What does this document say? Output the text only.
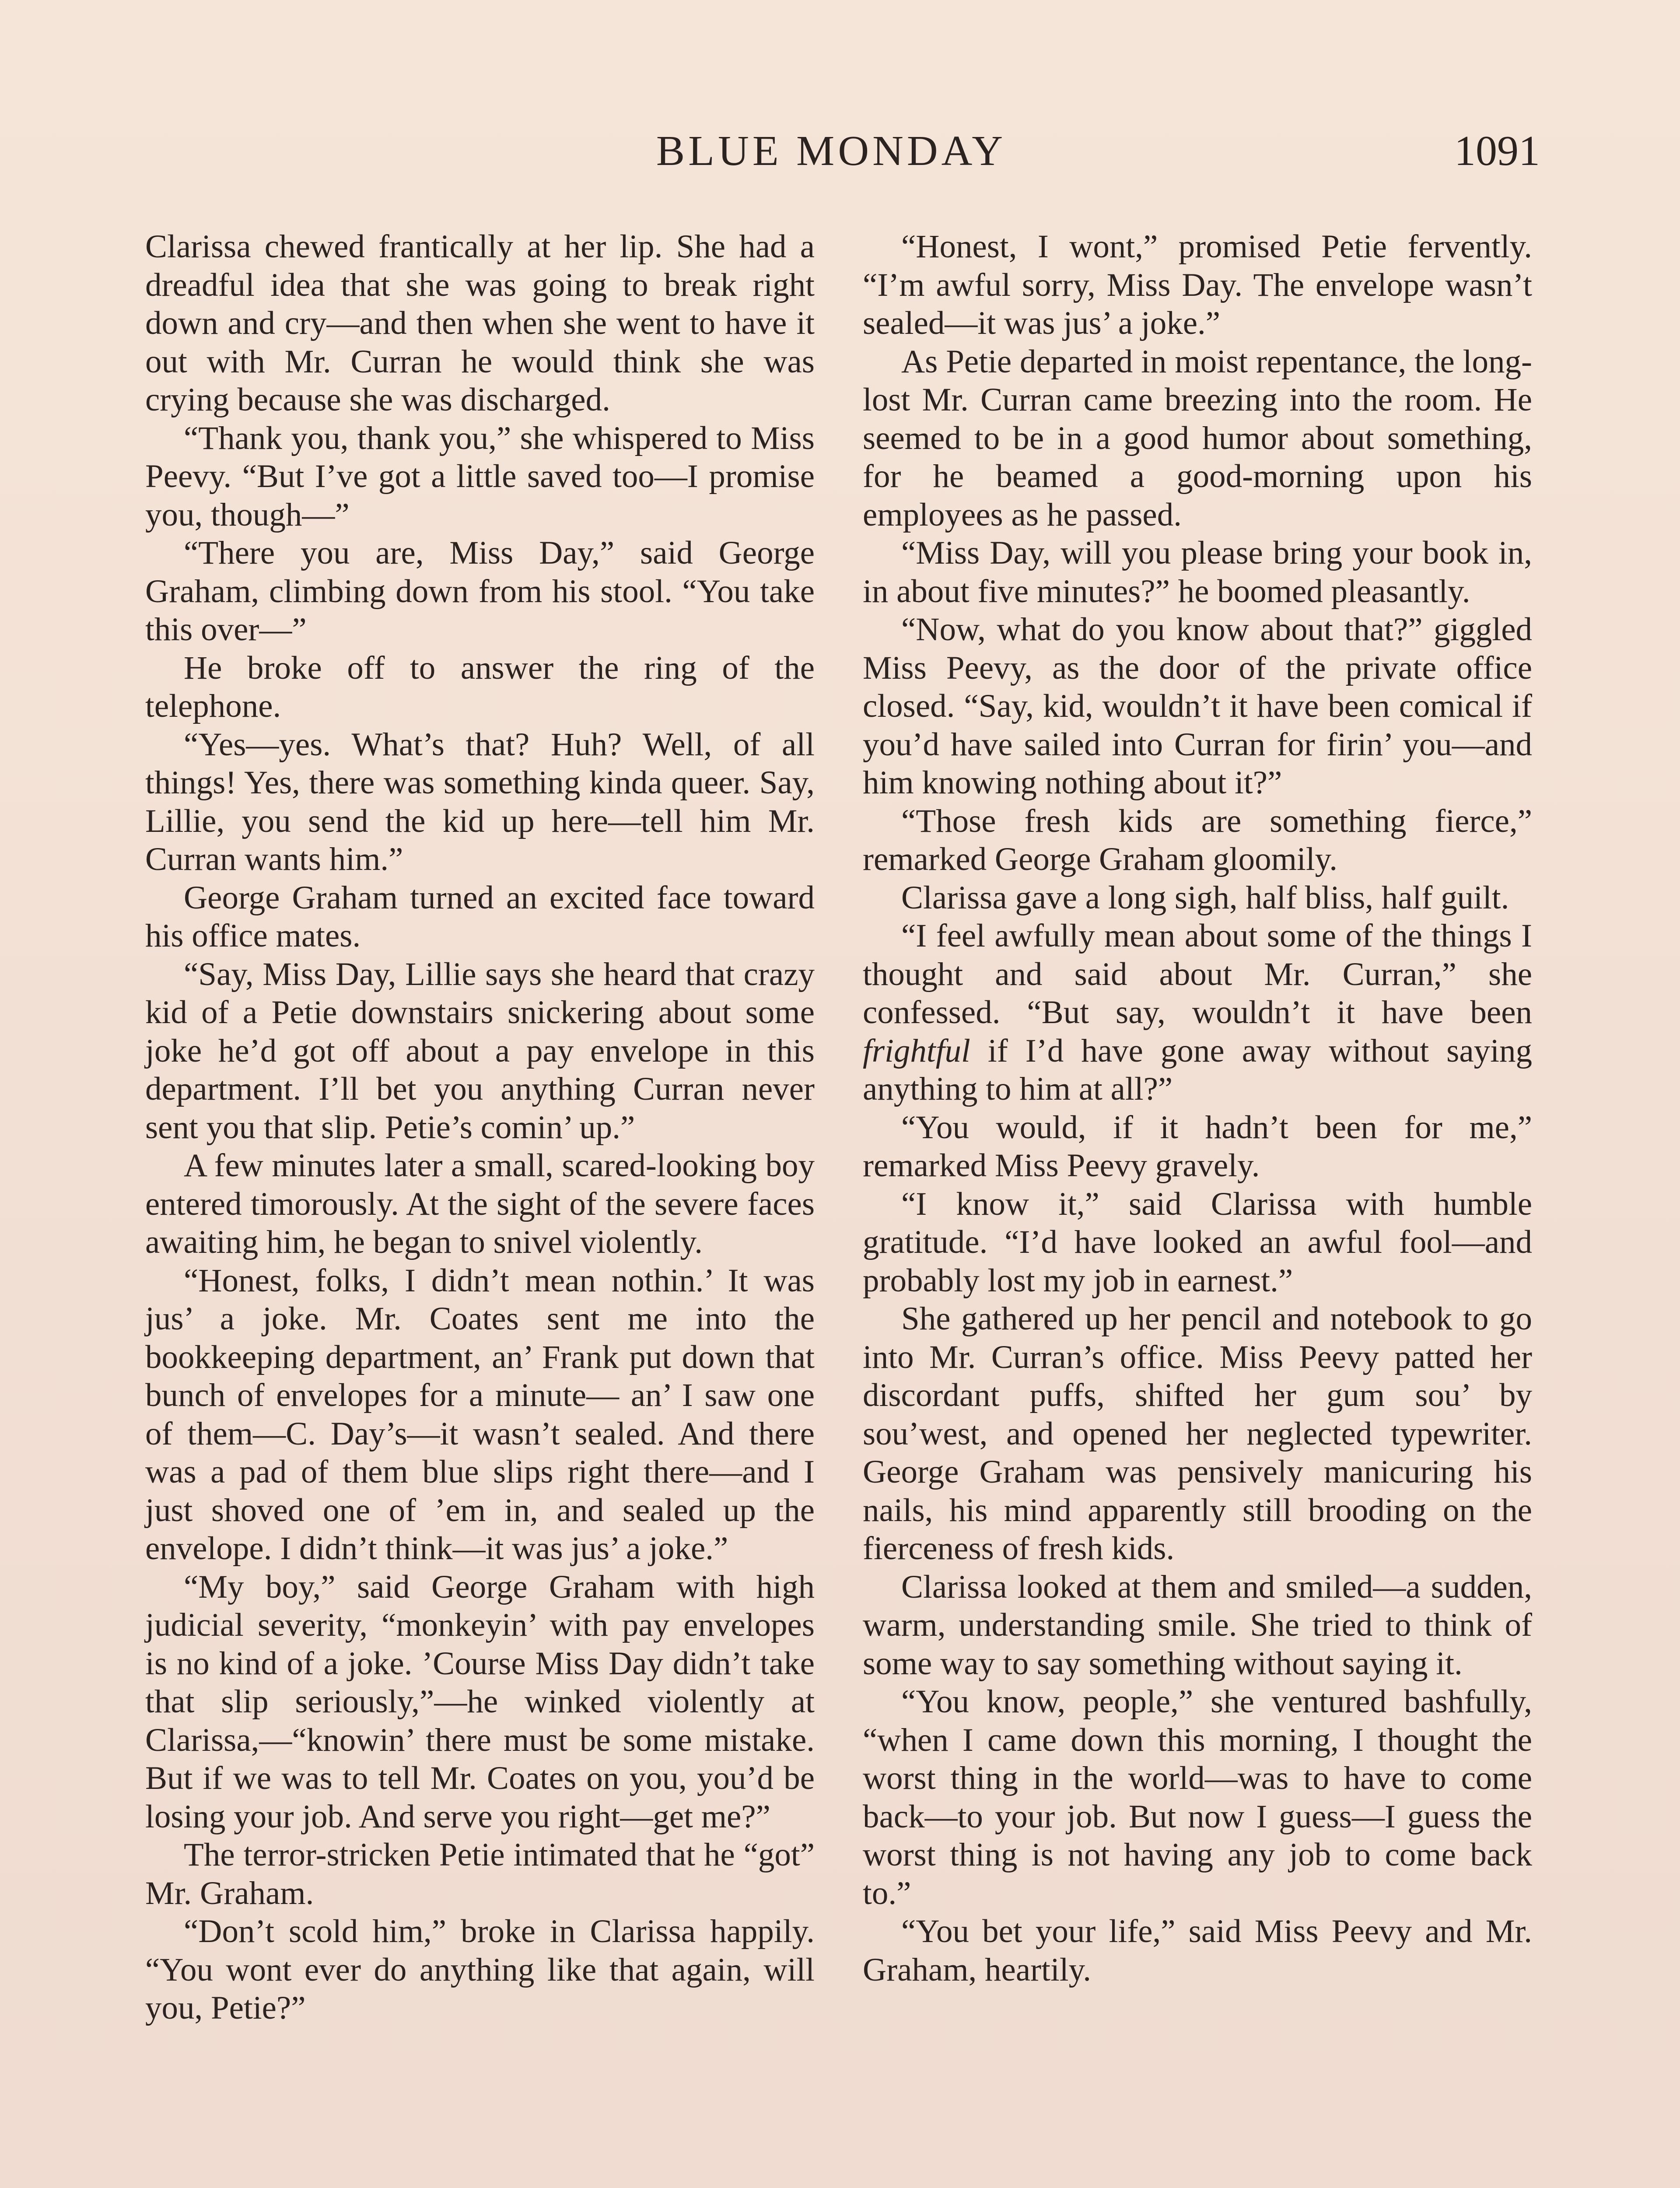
BLUE MONDAY	1091

Clarissa chewed frantically at her lip. She had a dreadful idea that she was going to break right down and cry—and then when she went to have it out with Mr. Curran he would think she was crying because she was discharged.

“Thank you, thank you,” she whispered to Miss Peevy. “But I’ve got a little saved too—I promise you, though—”

“There you are, Miss Day,” said George Graham, climbing down from his stool. “You take this over—”

He broke off to answer the ring of the telephone.

“Yes—yes. What’s that? Huh? Well, of all things! Yes, there was something kinda queer. Say, Lillie, you send the kid up here—tell him Mr. Curran wants him.”

George Graham turned an excited face toward his office mates.

“Say, Miss Day, Lillie says she heard that crazy kid of a Petie downstairs snickering about some joke he’d got off about a pay envelope in this department. I’ll bet you anything Curran never sent you that slip. Petie’s comin’ up.”

A few minutes later a small, scared-looking boy entered timorously. At the sight of the severe faces awaiting him, he began to snivel violently.

“Honest, folks, I didn’t mean nothin.’ It was jus’ a joke. Mr. Coates sent me into the bookkeeping department, an’ Frank put down that bunch of envelopes for a minute— an’ I saw one of them—C. Day’s—it wasn’t sealed. And there was a pad of them blue slips right there—and I just shoved one of ’em in, and sealed up the envelope. I didn’t think—it was jus’ a joke.”

“My boy,” said George Graham with high judicial severity, “monkeyin’ with pay envelopes is no kind of a joke. ’Course Miss Day didn’t take that slip seriously,”—he winked violently at Clarissa,—“knowin’ there must be some mistake. But if we was to tell Mr. Coates on you, you’d be losing your job. And serve you right—get me?”

The terror-stricken Petie intimated that he “got” Mr. Graham.

“Don’t scold him,” broke in Clarissa happily. “You wont ever do anything like that again, will you, Petie?”

“Honest, I wont,” promised Petie fervently. “I’m awful sorry, Miss Day. The envelope wasn’t sealed—it was jus’ a joke.”

As Petie departed in moist repentance, the long-lost Mr. Curran came breezing into the room. He seemed to be in a good humor about something, for he beamed a good-morning upon his employees as he passed.

“Miss Day, will you please bring your book in, in about five minutes?” he boomed pleasantly.

“Now, what do you know about that?” giggled Miss Peevy, as the door of the private office closed. “Say, kid, wouldn’t it have been comical if you’d have sailed into Curran for firin’ you—and him knowing nothing about it?”

“Those fresh kids are something fierce,” remarked George Graham gloomily.

Clarissa gave a long sigh, half bliss, half guilt.

“I feel awfully mean about some of the things I thought and said about Mr. Curran,” she confessed. “But say, wouldn’t it have been frightful if I’d have gone away without saying anything to him at all?”

“You would, if it hadn’t been for me,” remarked Miss Peevy gravely.

“I know it,” said Clarissa with humble gratitude. “I’d have looked an awful fool—and probably lost my job in earnest.”

She gathered up her pencil and notebook to go into Mr. Curran’s office. Miss Peevy patted her discordant puffs, shifted her gum sou’ by sou’west, and opened her neglected typewriter. George Graham was pensively manicuring his nails, his mind apparently still brooding on the fierceness of fresh kids.

Clarissa looked at them and smiled—a sudden, warm, understanding smile. She tried to think of some way to say something without saying it.

“You know, people,” she ventured bashfully, “when I came down this morning, I thought the worst thing in the world—was to have to come back—to your job. But now I guess—I guess the worst thing is not having any job to come back to.”

“You bet your life,” said Miss Peevy and Mr. Graham, heartily.
